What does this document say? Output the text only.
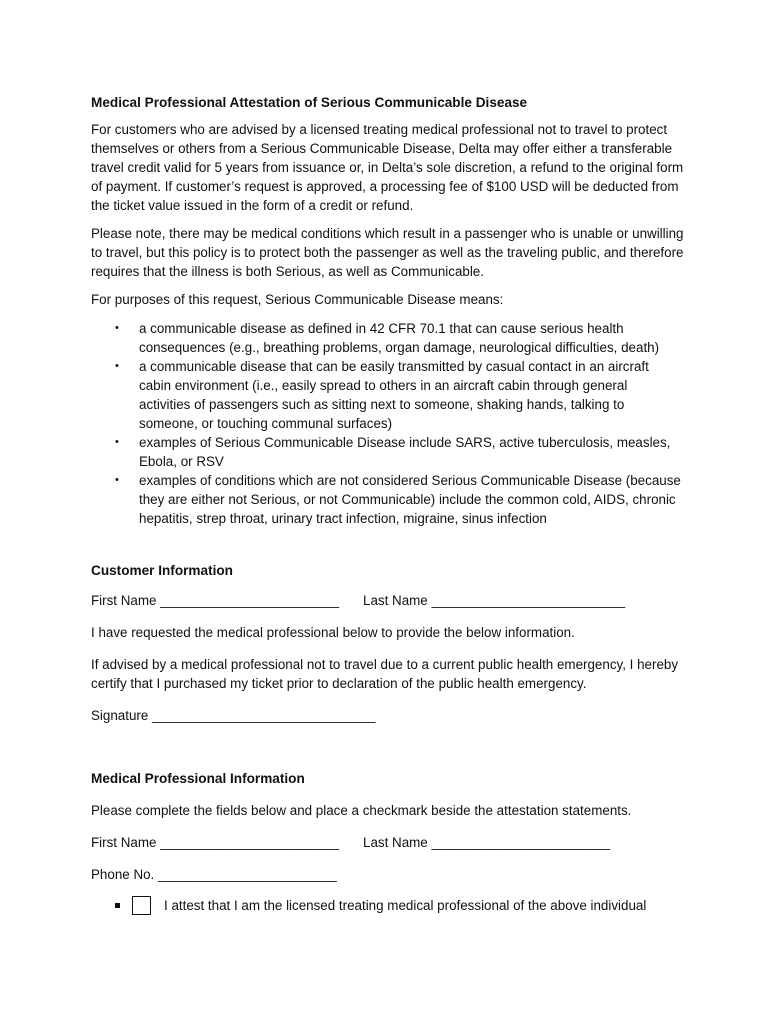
Medical Professional Attestation of Serious Communicable Disease

For customers who are advised by a licensed treating medical professional not to travel to protect themselves or others from a Serious Communicable Disease, Delta may offer either a transferable travel credit valid for 5 years from issuance or, in Delta’s sole discretion, a refund to the original form of payment. If customer’s request is approved, a processing fee of $100 USD will be deducted from the ticket value issued in the form of a credit or refund.

Please note, there may be medical conditions which result in a passenger who is unable or unwilling to travel, but this policy is to protect both the passenger as well as the traveling public, and therefore requires that the illness is both Serious, as well as Communicable.

For purposes of this request, Serious Communicable Disease means:

• a communicable disease as defined in 42 CFR 70.1 that can cause serious health consequences (e.g., breathing problems, organ damage, neurological difficulties, death)
• a communicable disease that can be easily transmitted by casual contact in an aircraft cabin environment (i.e., easily spread to others in an aircraft cabin through general activities of passengers such as sitting next to someone, shaking hands, talking to someone, or touching communal surfaces)
• examples of Serious Communicable Disease include SARS, active tuberculosis, measles, Ebola, or RSV
• examples of conditions which are not considered Serious Communicable Disease (because they are either not Serious, or not Communicable) include the common cold, AIDS, chronic hepatitis, strep throat, urinary tract infection, migraine, sinus infection

Customer Information

First Name ________________________	Last Name __________________________

I have requested the medical professional below to provide the below information.

If advised by a medical professional not to travel due to a current public health emergency, I hereby certify that I purchased my ticket prior to declaration of the public health emergency.

Signature ______________________________

Medical Professional Information

Please complete the fields below and place a checkmark beside the attestation statements.

First Name ________________________	Last Name ________________________

Phone No. ________________________

I attest that I am the licensed treating medical professional of the above individual
